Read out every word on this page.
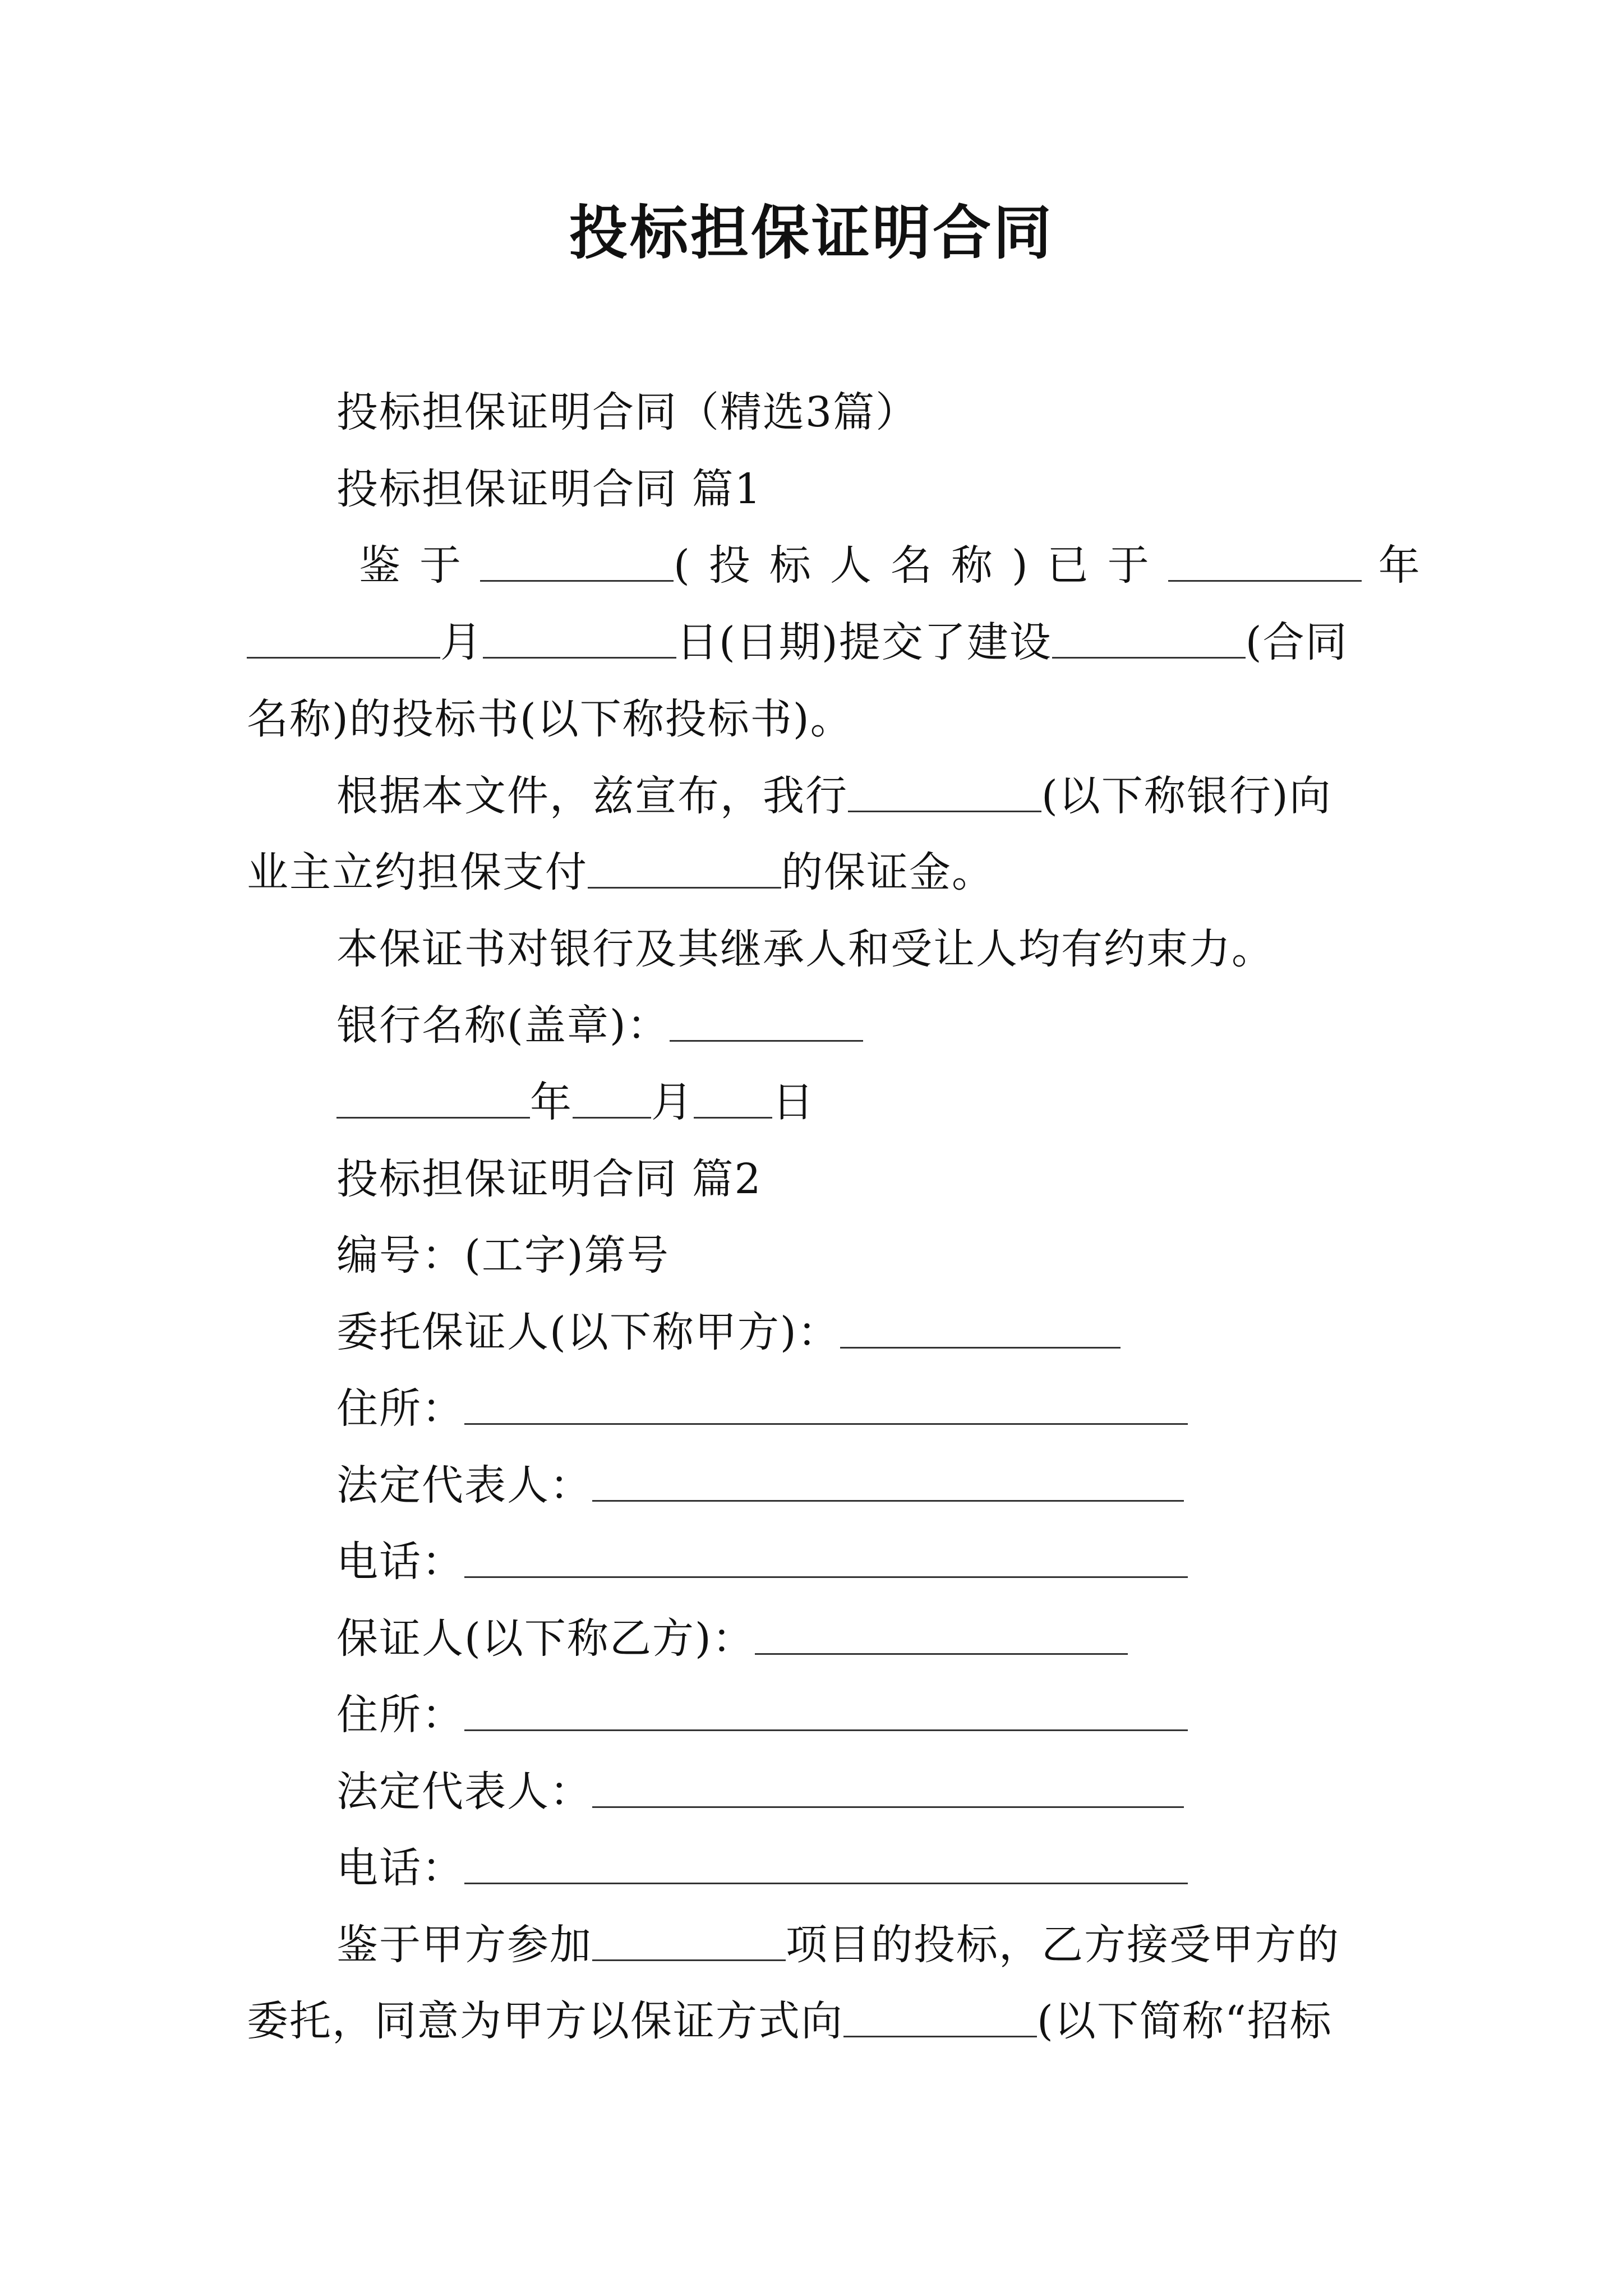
投标担保证明合同
投标担保证明合同（精选3篇）
投标担保证明合同 篇1
鉴于	(投标人名称)已于	年
月	日(日期)提交了建设	(合同
名称)的投标书(以下称投标书)。
根据本文件，兹宣布，我行	(以下称银行)向
业主立约担保支付	的保证金。
本保证书对银行及其继承人和受让人均有约束力。
银行名称(盖章)：
年 月 日
投标担保证明合同 篇2
编号：(工字)第号
委托保证人(以下称甲方)：
住所：
法定代表人：
电话：
保证人(以下称乙方)：
住所：
法定代表人：
电话：
鉴于甲方参加	项目的投标，乙方接受甲方的
委托，同意为甲方以保证方式向	(以下简称“招标
